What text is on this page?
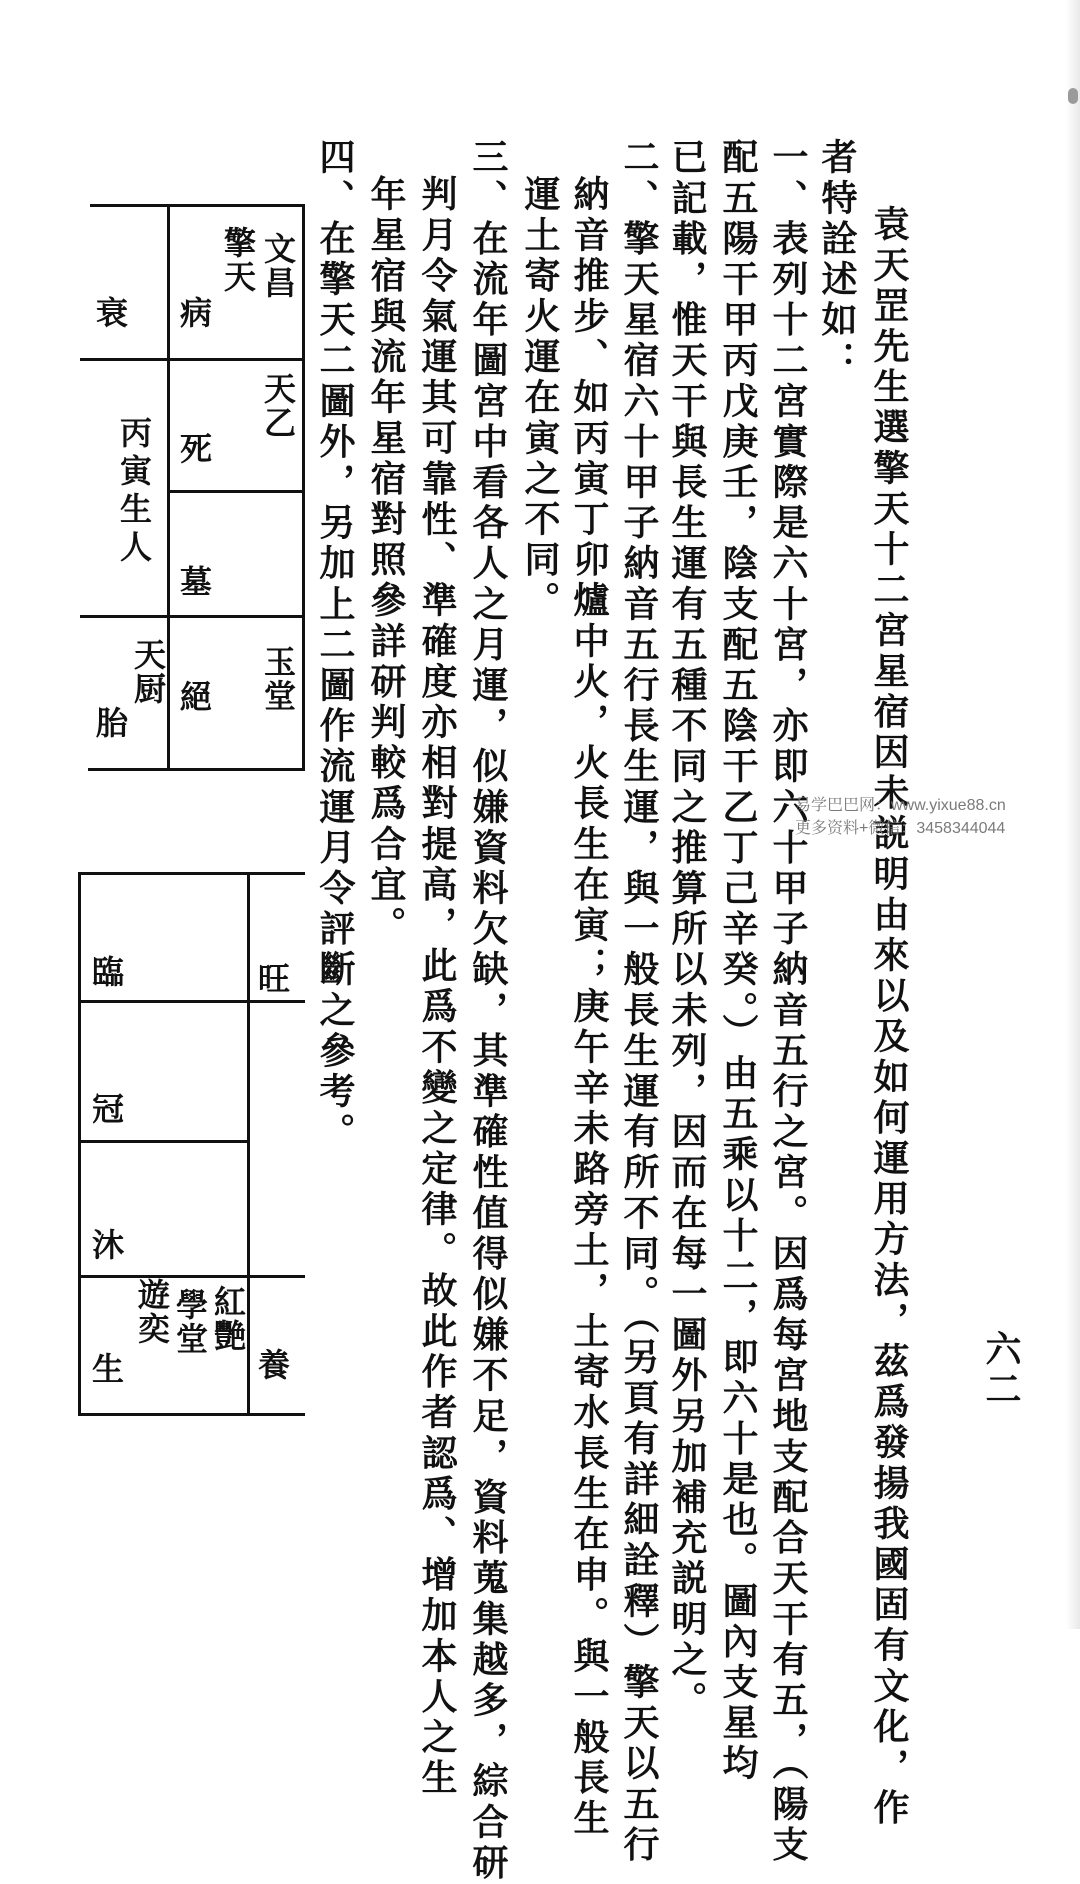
六二
袁天罡先生選擎天十二宮星宿因未説明由來以及如何運用方法，茲爲發揚我國固有文化，作
者特詮述如：
一、表列十二宮實際是六十宮，亦即六十甲子納音五行之宮。因爲每宮地支配合天干有五，（陽支
配五陽干甲丙戊庚壬，陰支配五陰干乙丁己辛癸。）由五乘以十二，即六十是也。圖內支星均
已記載，惟天干與長生運有五種不同之推算所以未列，因而在每一圖外另加補充説明之。
二、擎天星宿六十甲子納音五行長生運，與一般長生運有所不同。（另頁有詳細詮釋）擎天以五行
納音推步、如丙寅丁卯爐中火，火長生在寅；庚午辛未路旁土，土寄水長生在申。與一般長生
運土寄火運在寅之不同。
三、在流年圖宮中看各人之月運，似嫌資料欠缺，其準確性值得似嫌不足，資料蒐集越多，綜合研
判月令氣運其可靠性、準確度亦相對提高，此爲不變之定律。故此作者認爲、增加本人之生
年星宿與流年星宿對照參詳研判較爲合宜。
四、在擎天二圖外，另加上二圖作流運月令評斷之參考。	易学巴巴网：www.yixue88.cn
更多资料+微信：3458344044
文昌
擎天
病
天乙
死
墓
玉堂
絕
衰
丙寅生人
天厨
胎
旺
養
臨
冠
沐
紅艷
學堂
遊奕
生
